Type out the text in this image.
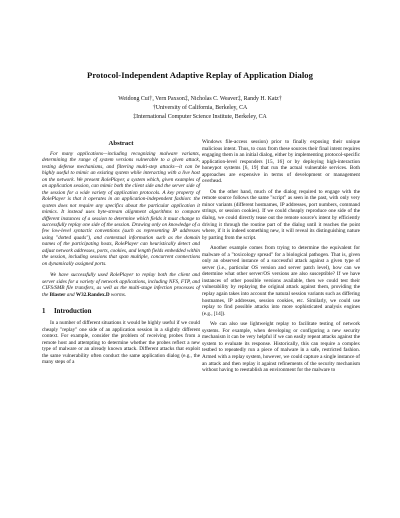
Protocol-Independent Adaptive Replay of Application Dialog
Weidong Cui†, Vern Paxson‡, Nicholas C. Weaver‡, Randy H. Katz†
†University of California, Berkeley, CA
‡International Computer Science Institute, Berkeley, CA
Abstract

For many applications—including recognizing malware variants, determining the range of system versions vulnerable to a given attack, testing defense mechanisms, and filtering multi-step attacks—it can be highly useful to mimic an existing system while interacting with a live host on the network. We present RolePlayer, a system which, given examples of an application session, can mimic both the client side and the server side of the session for a wide variety of application protocols. A key property of RolePlayer is that it operates in an application-independent fashion: the system does not require any specifics about the particular application it mimics. It instead uses byte-stream alignment algorithms to compare different instances of a session to determine which fields it must change to successfully replay one side of the session. Drawing only on knowledge of a few low-level syntactic conventions (such as representing IP addresses using "dotted quads"), and contextual information such as the domain names of the participating hosts, RolePlayer can heuristically detect and adjust network addresses, ports, cookies, and length fields embedded within the session, including sessions that span multiple, concurrent connections on dynamically assigned ports.

We have successfully used RolePlayer to replay both the client and server sides for a variety of network applications, including NFS, FTP, and CIFS/SMB file transfers, as well as the multi-stage infection processes of the Blaster and W32.Randex.D worms.

1 Introduction

In a number of different situations it would be highly useful if we could cheaply "replay" one side of an application session in a slightly different context. For example, consider the problem of receiving probes from a remote host and attempting to determine whether the probes reflect a new type of malware or an already known attack. Different attacks that exploit the same vulnerability often conduct the same application dialog (e.g., the many steps of a

Windows file-access session) prior to finally exposing their unique malicious intent. Thus, to coax from these sources their final intent requires engaging them in an initial dialog, either by implementing protocol-specific application-level responders [15, 16] or by deploying high-interaction honeypot systems [6, 19] that run the actual vulnerable services. Both approaches are expensive in terms of development or management overhead.

On the other hand, much of the dialog required to engage with the remote source follows the same "script" as seen in the past, with only very minor variants (different hostnames, IP addresses, port numbers, command strings, or session cookies). If we could cheaply reproduce one side of the dialog, we could directly tease out the remote source's intent by efficiently driving it through the routine part of the dialog until it reaches the point where, if it is indeed something new, it will reveal its distinguishing nature by parting from the script.

Another example comes from trying to determine the equivalent for malware of a "toxicology spread" for a biological pathogen. That is, given only an observed instance of a successful attack against a given type of server (i.e., particular OS version and server patch level), how can we determine what other server/OS versions are also susceptible? If we have instances of other possible versions available, then we could test their vulnerability by replaying the original attack against them, providing the replay again takes into account the natural session variants such as differing hostnames, IP addresses, session cookies, etc. Similarly, we could use replay to find possible attacks into more sophisticated analysis engines (e.g., [14]).

We can also use lightweight replay to facilitate testing of network systems. For example, when developing or configuring a new security mechanism it can be very helpful if we can easily repeat attacks against the system to evaluate its response. Historically, this can require a complex testbed to repeatedly run a piece of malware in a safe, restricted fashion. Armed with a replay system, however, we could capture a single instance of an attack and then replay it against refinements of the security mechanism without having to reestablish an environment for the malware to
